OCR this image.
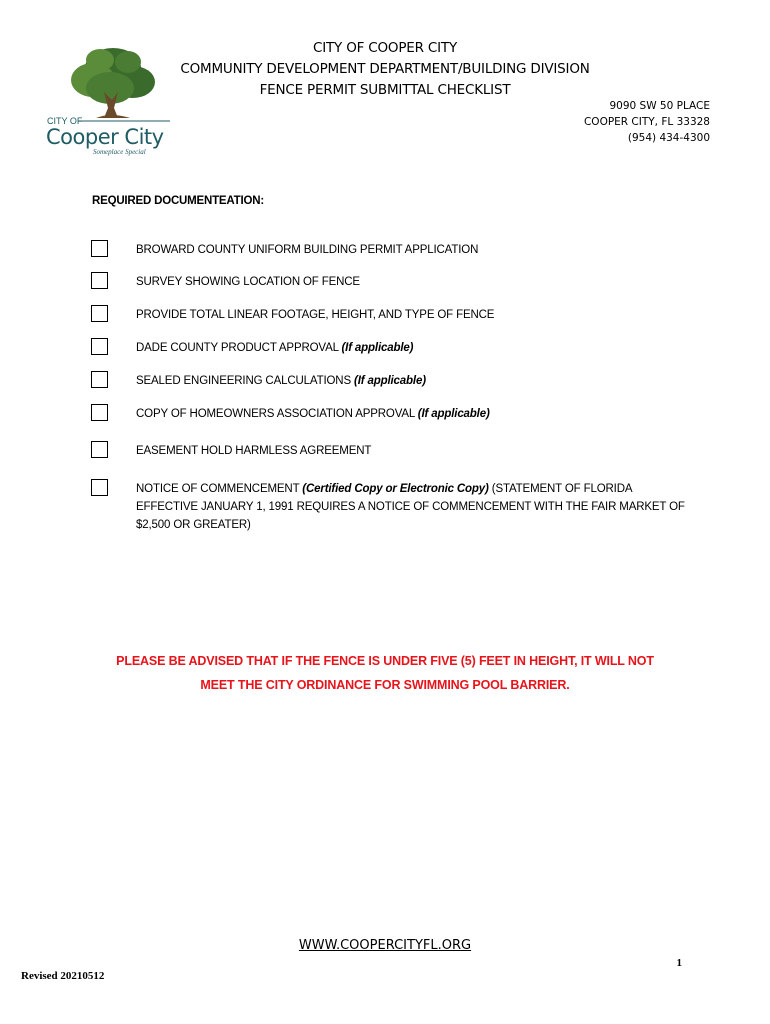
CITY OF
Cooper City
Someplace Special
CITY OF COOPER CITY
COMMUNITY DEVELOPMENT DEPARTMENT/BUILDING DIVISION
FENCE PERMIT SUBMITTAL CHECKLIST
9090 SW 50 PLACE
COOPER CITY, FL 33328
(954) 434-4300
REQUIRED DOCUMENTEATION:
BROWARD COUNTY UNIFORM BUILDING PERMIT APPLICATION
SURVEY SHOWING LOCATION OF FENCE
PROVIDE TOTAL LINEAR FOOTAGE, HEIGHT, AND TYPE OF FENCE
DADE COUNTY PRODUCT APPROVAL (If applicable)
SEALED ENGINEERING CALCULATIONS (If applicable)
COPY OF HOMEOWNERS ASSOCIATION APPROVAL (If applicable)
EASEMENT HOLD HARMLESS AGREEMENT
NOTICE OF COMMENCEMENT (Certified Copy or Electronic Copy) (STATEMENT OF FLORIDA EFFECTIVE JANUARY 1, 1991 REQUIRES A NOTICE OF COMMENCEMENT WITH THE FAIR MARKET OF $2,500 OR GREATER)
PLEASE BE ADVISED THAT IF THE FENCE IS UNDER FIVE (5) FEET IN HEIGHT, IT WILL NOT
MEET THE CITY ORDINANCE FOR SWIMMING POOL BARRIER.
WWW.COOPERCITYFL.ORG
1
Revised 20210512
